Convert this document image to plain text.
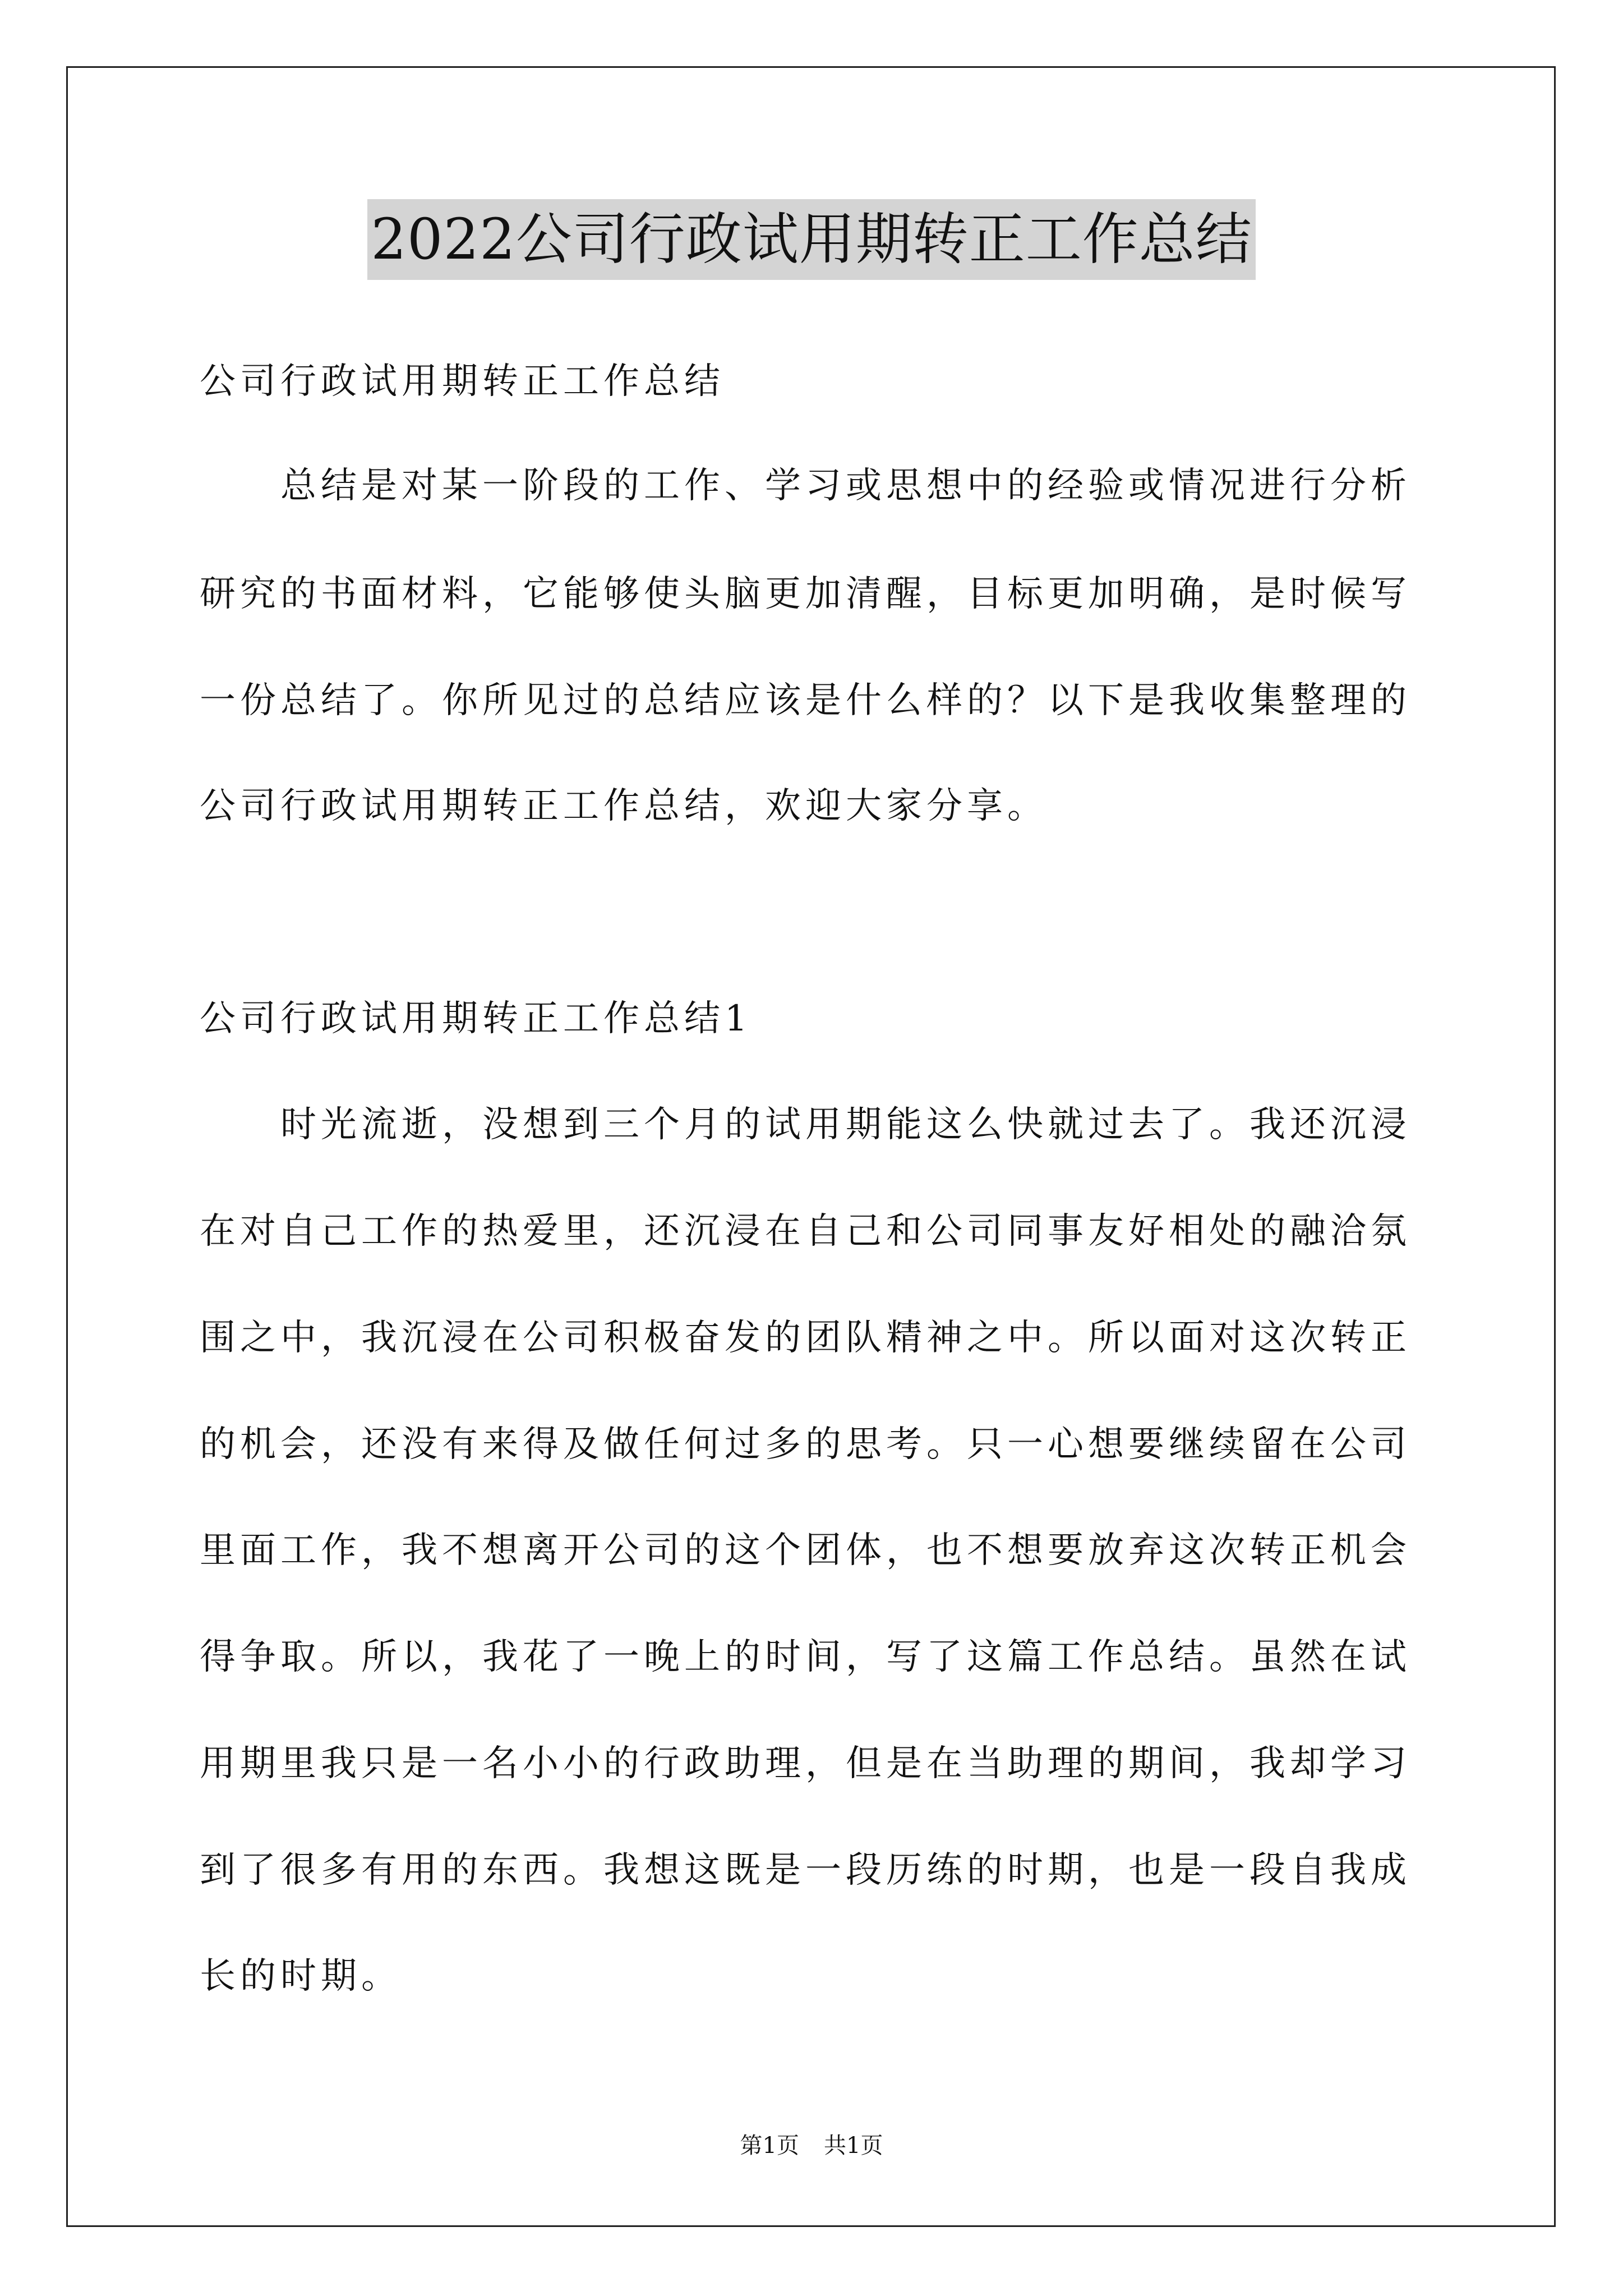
2022公司行政试用期转正工作总结
公司行政试用期转正工作总结
总结是对某一阶段的工作、学习或思想中的经验或情况进行分析
研究的书面材料，它能够使头脑更加清醒，目标更加明确，是时候写
一份总结了。你所见过的总结应该是什么样的？以下是我收集整理的
公司行政试用期转正工作总结，欢迎大家分享。
公司行政试用期转正工作总结1
时光流逝，没想到三个月的试用期能这么快就过去了。我还沉浸
在对自己工作的热爱里，还沉浸在自己和公司同事友好相处的融洽氛
围之中，我沉浸在公司积极奋发的团队精神之中。所以面对这次转正
的机会，还没有来得及做任何过多的思考。只一心想要继续留在公司
里面工作，我不想离开公司的这个团体，也不想要放弃这次转正机会
得争取。所以，我花了一晚上的时间，写了这篇工作总结。虽然在试
用期里我只是一名小小的行政助理，但是在当助理的期间，我却学习
到了很多有用的东西。我想这既是一段历练的时期，也是一段自我成
长的时期。
第1页 共1页
